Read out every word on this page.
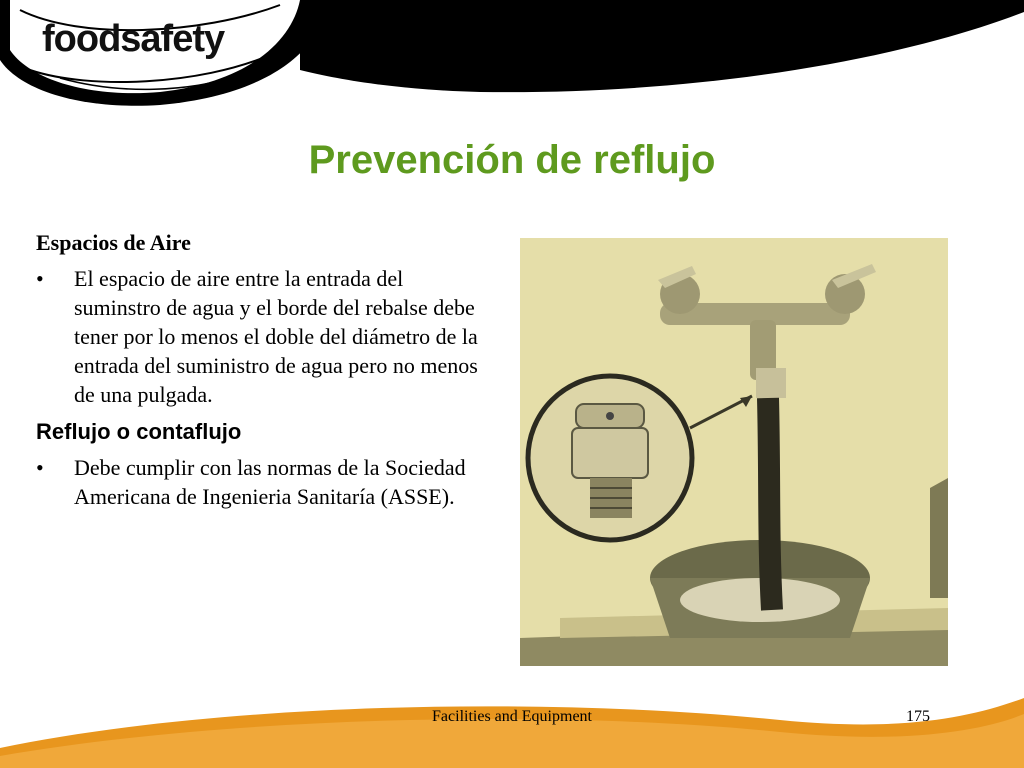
foodsafety
Prevención de reflujo
Espacios de Aire
•	El espacio de aire entre la entrada del suminstro de agua y el borde del rebalse debe tener por lo menos el doble del diámetro de la entrada del suministro de agua pero no menos de una pulgada.
Reflujo o contaflujo
•	Debe cumplir con las normas de la Sociedad Americana de Ingenieria Sanitaría (ASSE).
Facilities and Equipment	175
